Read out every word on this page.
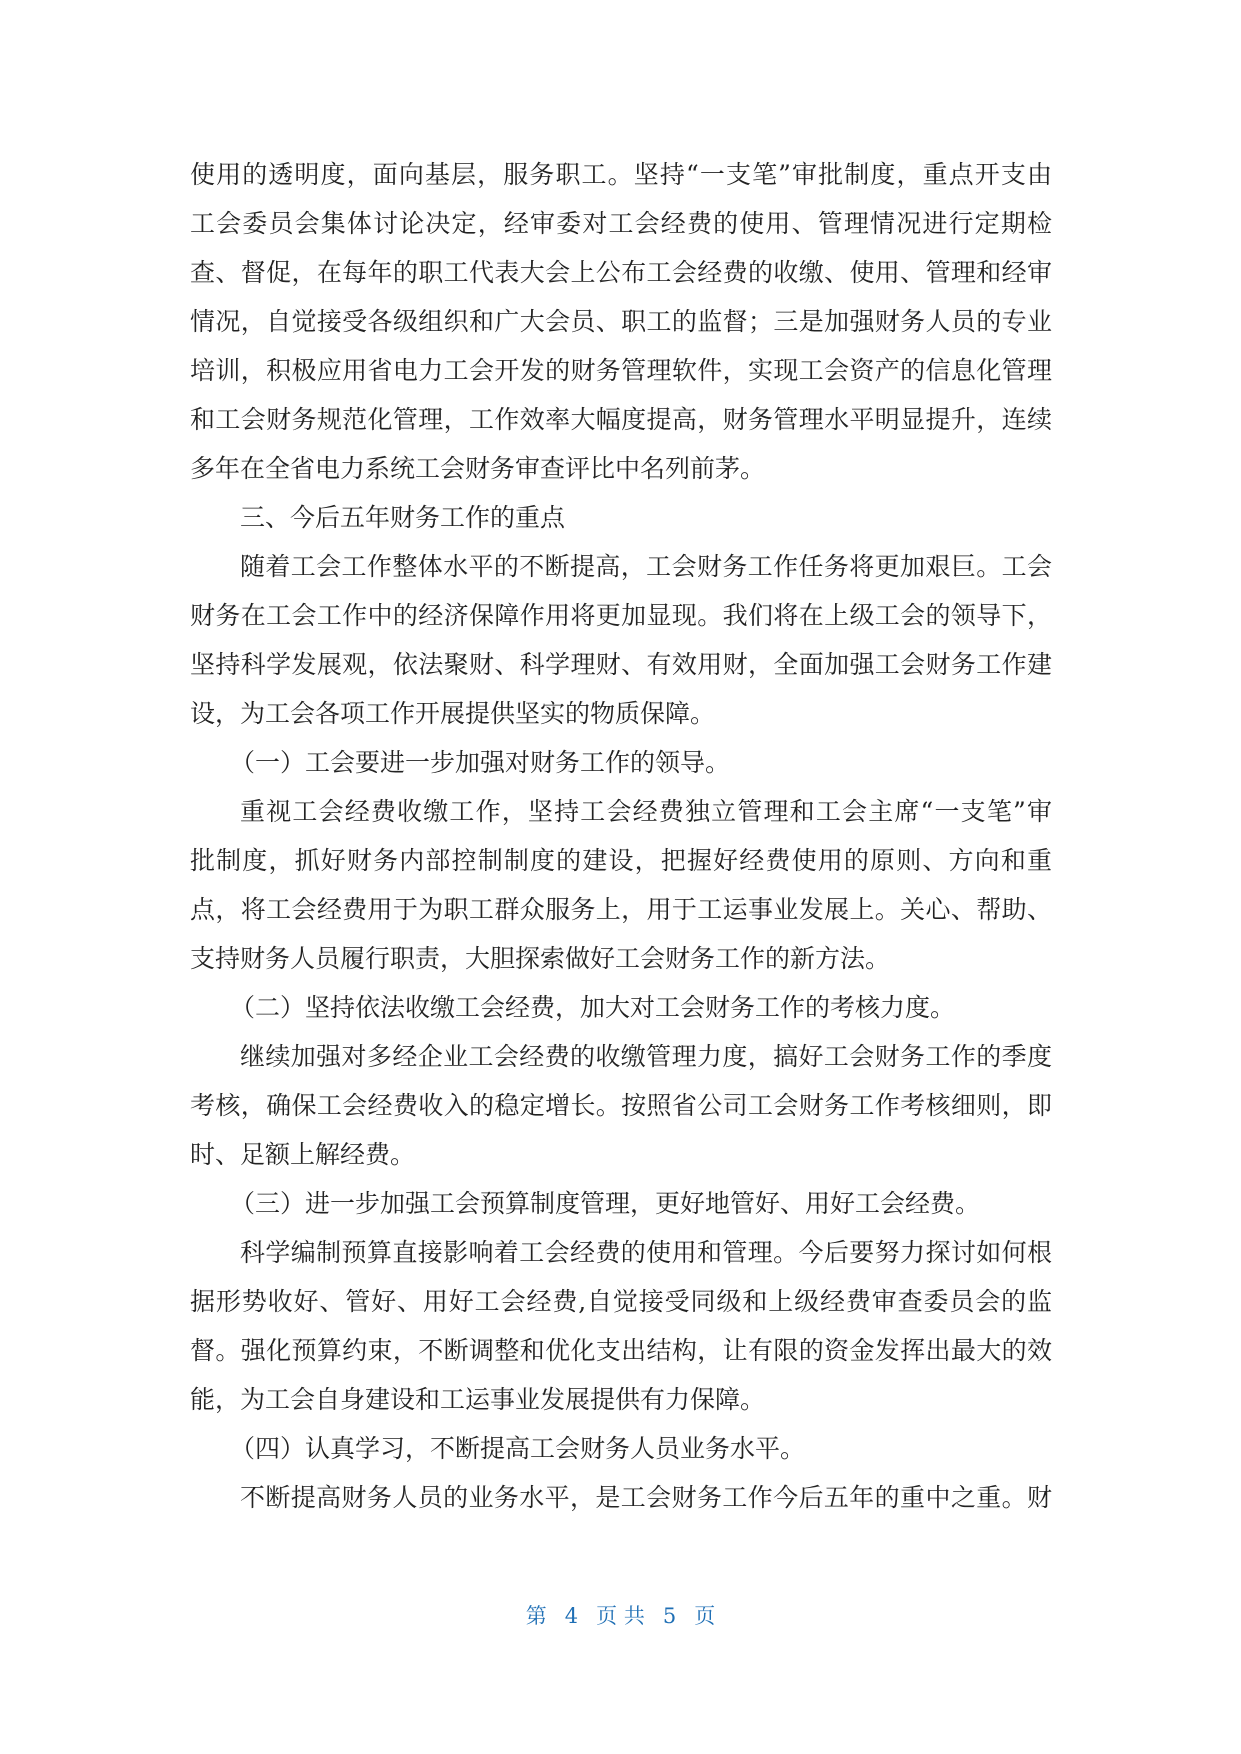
使用的透明度，面向基层，服务职工。坚持“一支笔”审批制度，重点开支由
工会委员会集体讨论决定，经审委对工会经费的使用、管理情况进行定期检
查、督促，在每年的职工代表大会上公布工会经费的收缴、使用、管理和经审
情况，自觉接受各级组织和广大会员、职工的监督；三是加强财务人员的专业
培训，积极应用省电力工会开发的财务管理软件，实现工会资产的信息化管理
和工会财务规范化管理，工作效率大幅度提高，财务管理水平明显提升，连续
多年在全省电力系统工会财务审查评比中名列前茅。
三、今后五年财务工作的重点
随着工会工作整体水平的不断提高，工会财务工作任务将更加艰巨。工会
财务在工会工作中的经济保障作用将更加显现。我们将在上级工会的领导下，
坚持科学发展观，依法聚财、科学理财、有效用财，全面加强工会财务工作建
设，为工会各项工作开展提供坚实的物质保障。
（一）工会要进一步加强对财务工作的领导。
重视工会经费收缴工作，坚持工会经费独立管理和工会主席“一支笔”审
批制度，抓好财务内部控制制度的建设，把握好经费使用的原则、方向和重
点，将工会经费用于为职工群众服务上，用于工运事业发展上。关心、帮助、
支持财务人员履行职责，大胆探索做好工会财务工作的新方法。
（二）坚持依法收缴工会经费，加大对工会财务工作的考核力度。
继续加强对多经企业工会经费的收缴管理力度，搞好工会财务工作的季度
考核，确保工会经费收入的稳定增长。按照省公司工会财务工作考核细则，即
时、足额上解经费。
（三）进一步加强工会预算制度管理，更好地管好、用好工会经费。
科学编制预算直接影响着工会经费的使用和管理。今后要努力探讨如何根
据形势收好、管好、用好工会经费,自觉接受同级和上级经费审查委员会的监
督。强化预算约束，不断调整和优化支出结构，让有限的资金发挥出最大的效
能，为工会自身建设和工运事业发展提供有力保障。
（四）认真学习，不断提高工会财务人员业务水平。
不断提高财务人员的业务水平，是工会财务工作今后五年的重中之重。财
第 4 页 共 5 页
